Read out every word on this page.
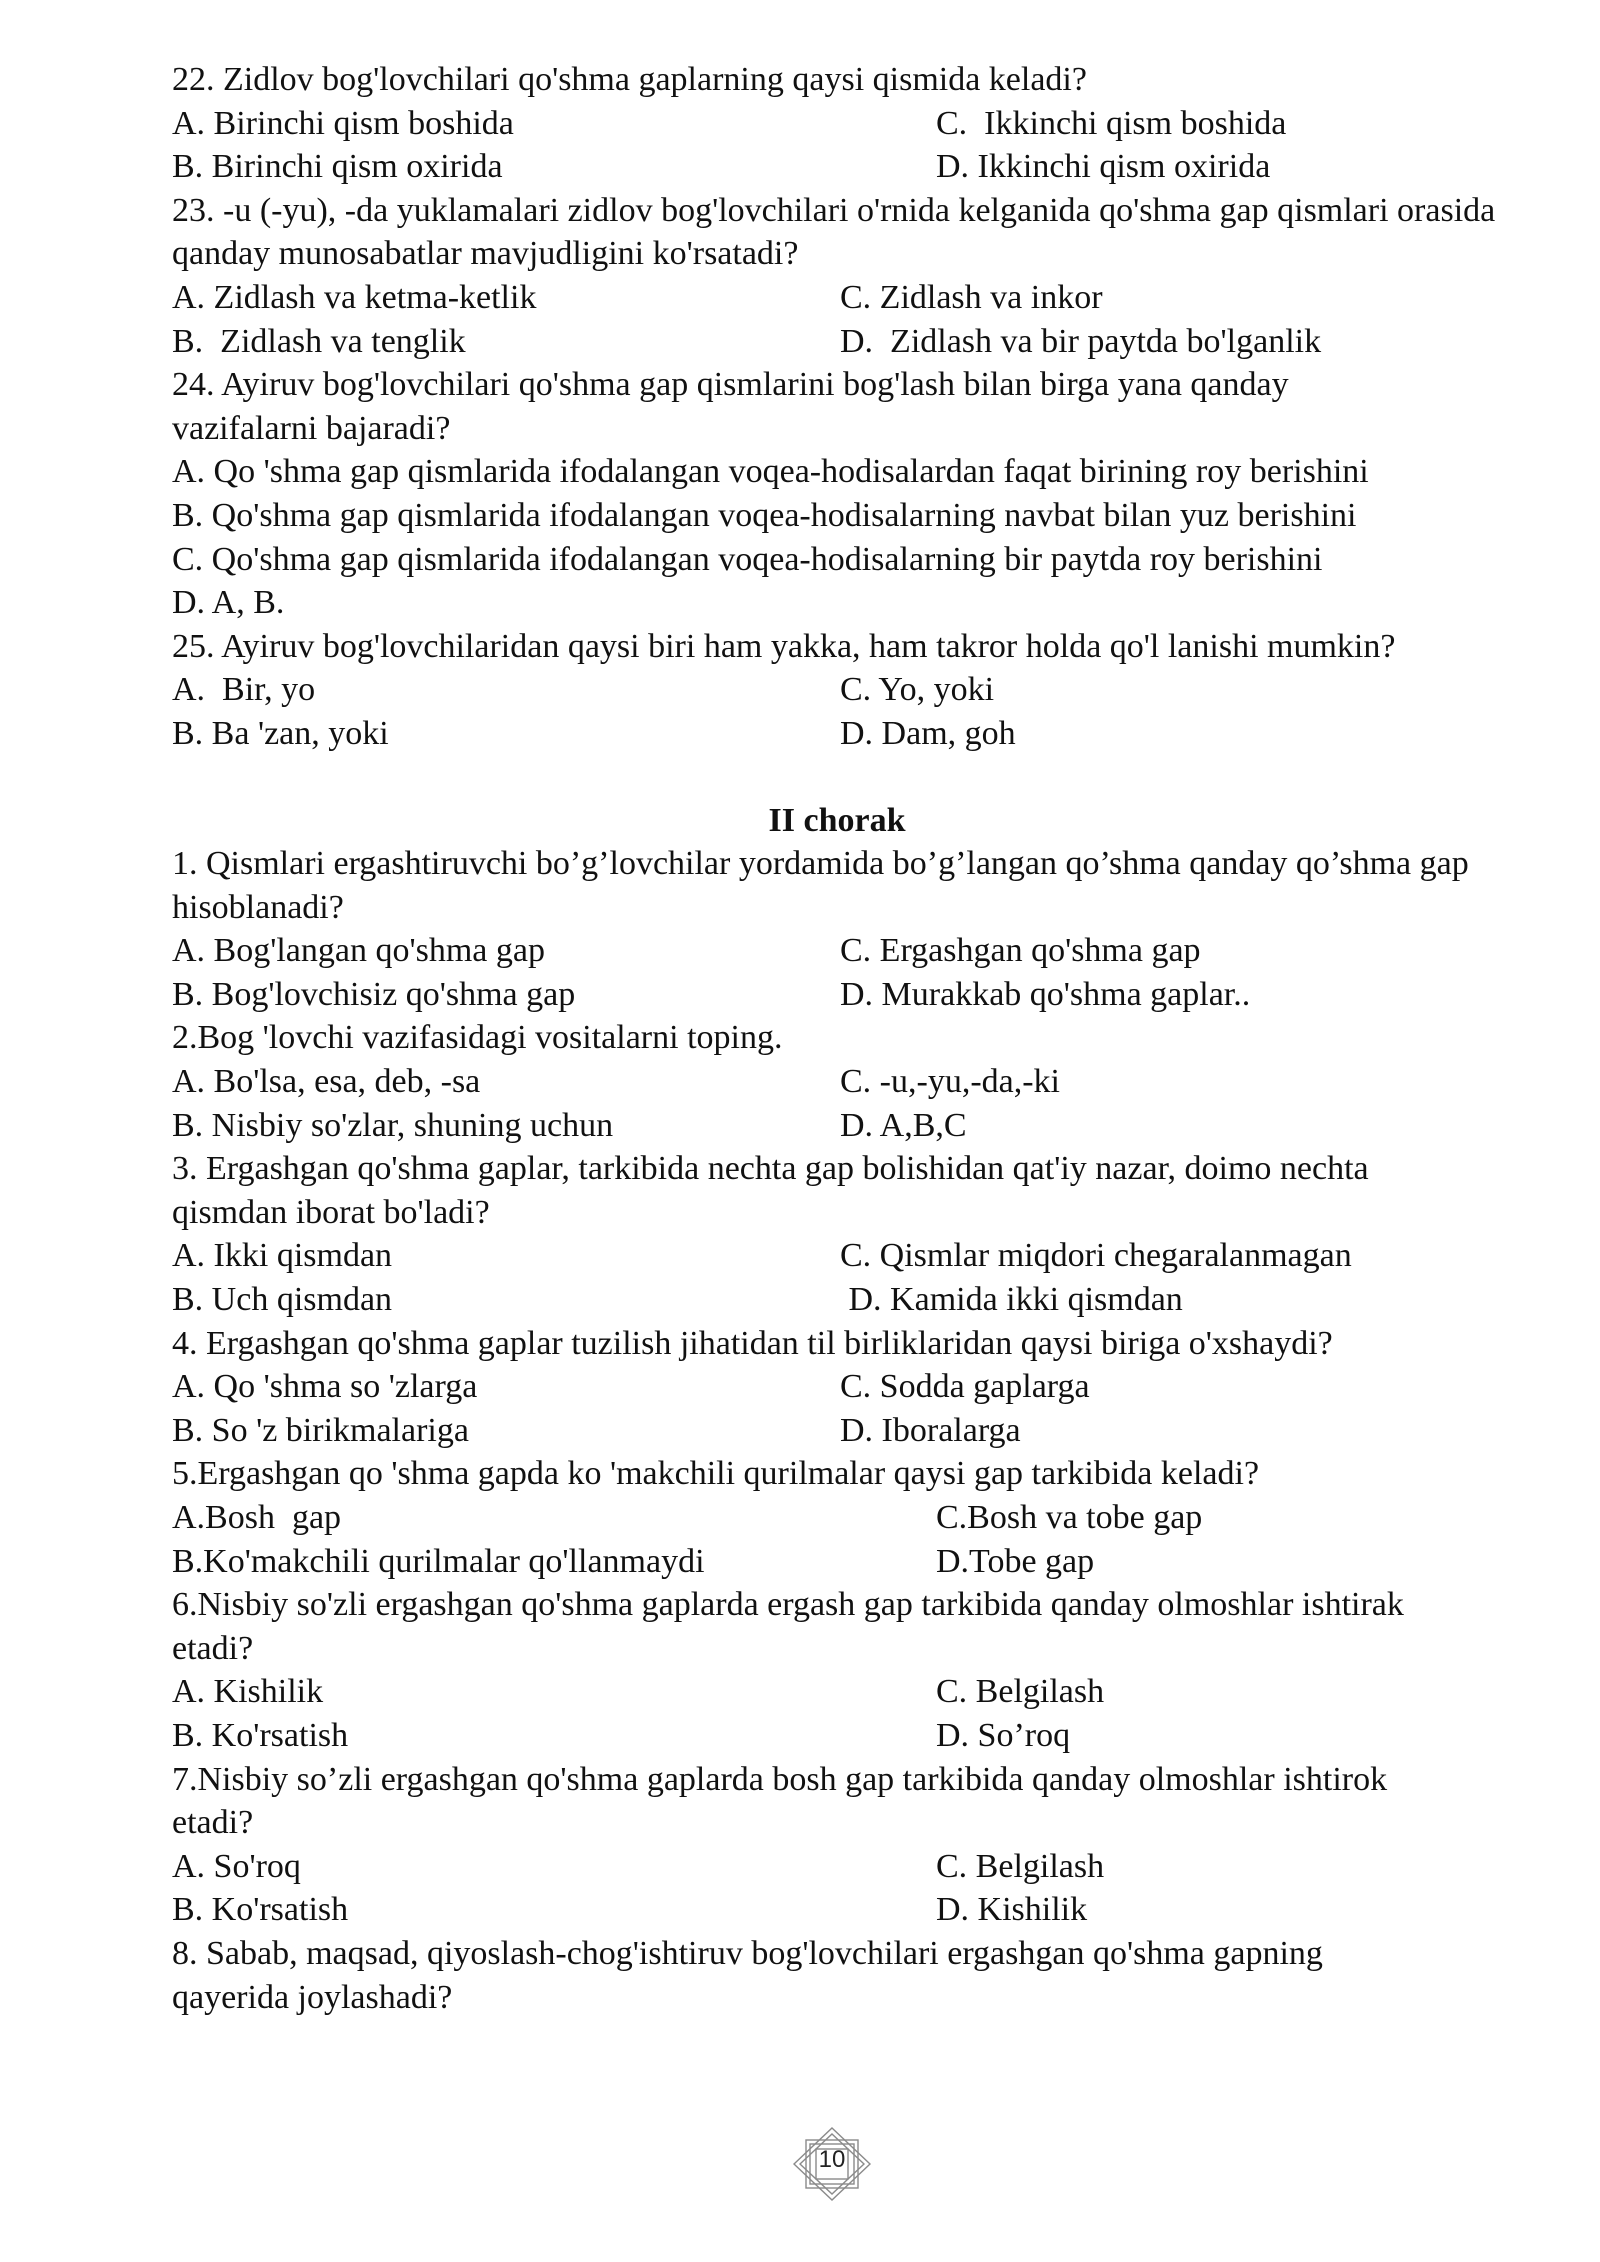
22. Zidlov bog'lovchilari qo'shma gaplarning qaysi qismida keladi?
A. Birinchi qism boshida	C.  Ikkinchi qism boshida
B. Birinchi qism oxirida	D. Ikkinchi qism oxirida
23. -u (-yu), -da yuklamalari zidlov bog'lovchilari o'rnida kelganida qo'shma gap qismlari orasida qanday munosabatlar mavjudligini ko'rsatadi?
A. Zidlash va ketma-ketlik	C. Zidlash va inkor
B.  Zidlash va tenglik	D.  Zidlash va bir paytda bo'lganlik
24. Ayiruv bog'lovchilari qo'shma gap qismlarini bog'lash bilan birga yana qanday vazifalarni bajaradi?
A. Qo 'shma gap qismlarida ifodalangan voqea-hodisalardan faqat birining roy berishini
B. Qo'shma gap qismlarida ifodalangan voqea-hodisalarning navbat bilan yuz berishini
C. Qo'shma gap qismlarida ifodalangan voqea-hodisalarning bir paytda roy berishini
D. A, B.
25. Ayiruv bog'lovchilaridan qaysi biri ham yakka, ham takror holda qo'l lanishi mumkin?
A.  Bir, yo	C. Yo, yoki
B. Ba 'zan, yoki	D. Dam, goh
II chorak
1. Qismlari ergashtiruvchi bo’g’lovchilar yordamida bo’g’langan qo’shma qanday qo’shma gap hisoblanadi?
A. Bog'langan qo'shma gap	C. Ergashgan qo'shma gap
B. Bog'lovchisiz qo'shma gap	D. Murakkab qo'shma gaplar..
2.Bog 'lovchi vazifasidagi vositalarni toping.
A. Bo'lsa, esa, deb, -sa	C. -u,-yu,-da,-ki
B. Nisbiy so'zlar, shuning uchun	D. A,B,C
3. Ergashgan qo'shma gaplar, tarkibida nechta gap bolishidan qat'iy nazar, doimo nechta qismdan iborat bo'ladi?
A. Ikki qismdan	C. Qismlar miqdori chegaralanmagan
B. Uch qismdan	D. Kamida ikki qismdan
4. Ergashgan qo'shma gaplar tuzilish jihatidan til birliklaridan qaysi biriga o'xshaydi?
A. Qo 'shma so 'zlarga	C. Sodda gaplarga
B. So 'z birikmalariga	D. Iboralarga
5.Ergashgan qo 'shma gapda ko 'makchili qurilmalar qaysi gap tarkibida keladi?
A.Bosh  gap	C.Bosh va tobe gap
B.Ko'makchili qurilmalar qo'llanmaydi	D.Tobe gap
6.Nisbiy so'zli ergashgan qo'shma gaplarda ergash gap tarkibida qanday olmoshlar ishtirak etadi?
A. Kishilik	C. Belgilash
B. Ko'rsatish	D. So’roq
7.Nisbiy so’zli ergashgan qo'shma gaplarda bosh gap tarkibida qanday olmoshlar ishtirok etadi?
A. So'roq	C. Belgilash
B. Ko'rsatish	D. Kishilik
8. Sabab, maqsad, qiyoslash-chog'ishtiruv bog'lovchilari ergashgan qo'shma gapning qayerida joylashadi?
10
